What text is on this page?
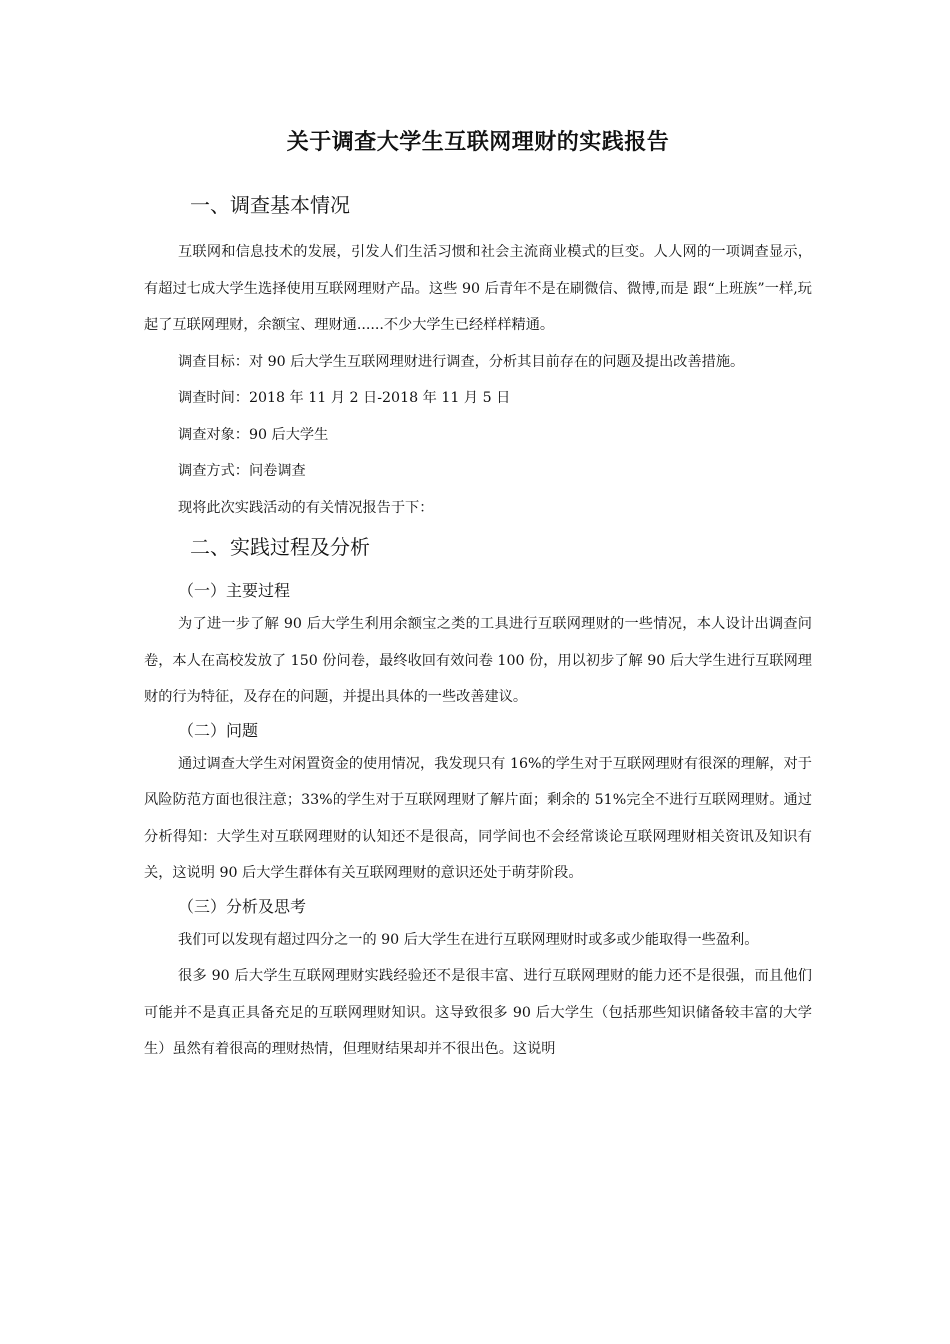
关于调查大学生互联网理财的实践报告
一、调查基本情况

互联网和信息技术的发展，引发人们生活习惯和社会主流商业模式的巨变。人人网的一项调查显示，有超过七成大学生选择使用互联网理财产品。这些 90 后青年不是在刷微信、微博,而是 跟“上班族”一样,玩起了互联网理财，余额宝、理财通......不少大学生已经样样精通。

调查目标：对 90 后大学生互联网理财进行调查，分析其目前存在的问题及提出改善措施。

调查时间：2018 年 11 月 2 日-2018 年 11 月 5 日

调查对象：90 后大学生

调查方式：问卷调查

现将此次实践活动的有关情况报告于下：

二、实践过程及分析
（一）主要过程

为了进一步了解 90 后大学生利用余额宝之类的工具进行互联网理财的一些情况，本人设计出调查问卷，本人在高校发放了 150 份问卷，最终收回有效问卷 100 份，用以初步了解 90 后大学生进行互联网理财的行为特征，及存在的问题，并提出具体的一些改善建议。

（二）问题

通过调查大学生对闲置资金的使用情况，我发现只有 16%的学生对于互联网理财有很深的理解，对于风险防范方面也很注意；33%的学生对于互联网理财了解片面；剩余的 51%完全不进行互联网理财。通过分析得知：大学生对互联网理财的认知还不是很高，同学间也不会经常谈论互联网理财相关资讯及知识有关，这说明 90 后大学生群体有关互联网理财的意识还处于萌芽阶段。

（三）分析及思考

我们可以发现有超过四分之一的 90 后大学生在进行互联网理财时或多或少能取得一些盈利。

很多 90 后大学生互联网理财实践经验还不是很丰富、进行互联网理财的能力还不是很强，而且他们可能并不是真正具备充足的互联网理财知识。这导致很多 90 后大学生（包括那些知识储备较丰富的大学生）虽然有着很高的理财热情，但理财结果却并不很出色。这说明
